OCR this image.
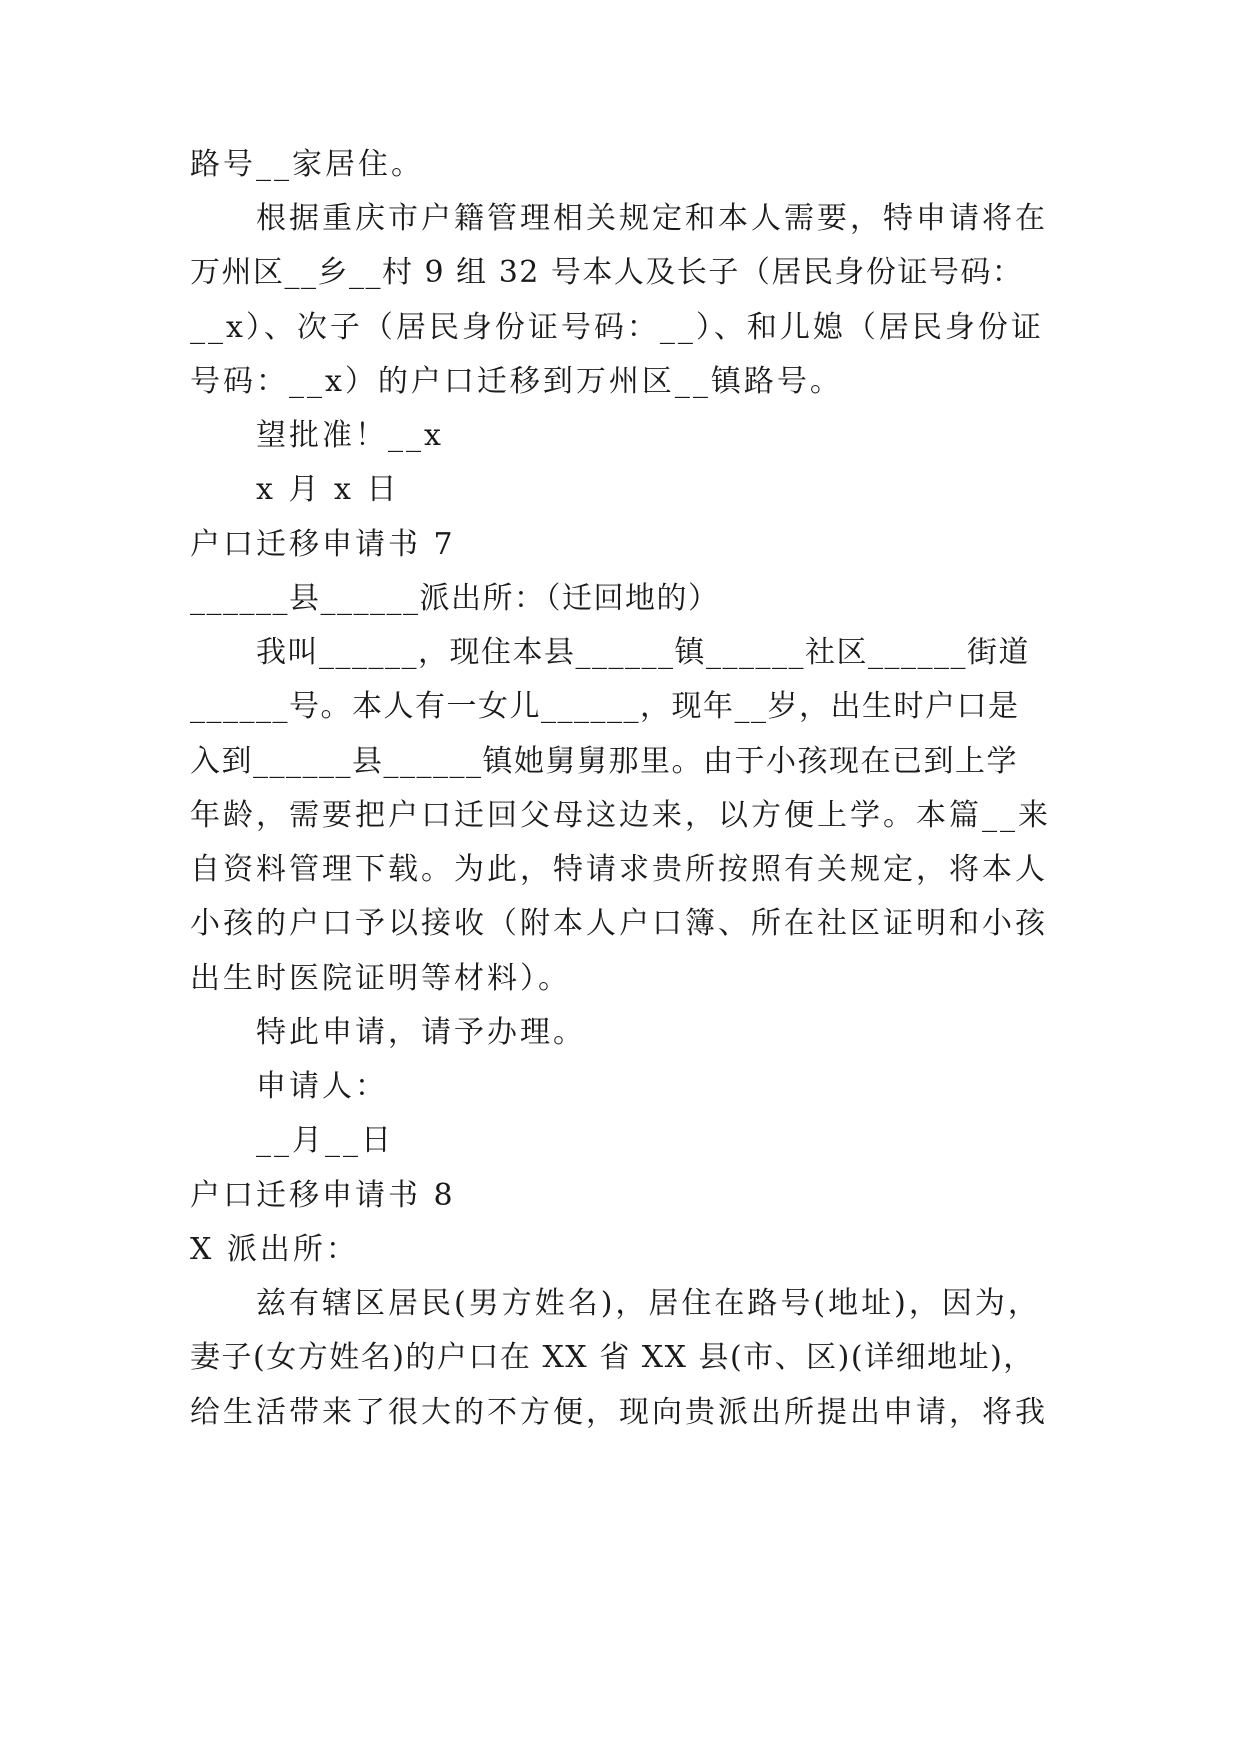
路号__家居住。
根据重庆市户籍管理相关规定和本人需要，特申请将在
万州区__乡__村 9 组 32 号本人及长子（居民身份证号码：
__x）、次子（居民身份证号码：__）、和儿媳（居民身份证
号码：__x）的户口迁移到万州区__镇路号。
望批准！__x
x 月 x 日
户口迁移申请书 7
______县______派出所：（迁回地的）
我叫______，现住本县______镇______社区______街道
______号。本人有一女儿______，现年__岁，出生时户口是
入到______县______镇她舅舅那里。由于小孩现在已到上学
年龄，需要把户口迁回父母这边来，以方便上学。本篇__来
自资料管理下载。为此，特请求贵所按照有关规定，将本人
小孩的户口予以接收（附本人户口簿、所在社区证明和小孩
出生时医院证明等材料）。
特此申请，请予办理。
申请人：
__月__日
户口迁移申请书 8
X 派出所：
兹有辖区居民(男方姓名)，居住在路号(地址)，因为，
妻子(女方姓名)的户口在 XX 省 XX 县(市、区)(详细地址)，
给生活带来了很大的不方便，现向贵派出所提出申请，将我
